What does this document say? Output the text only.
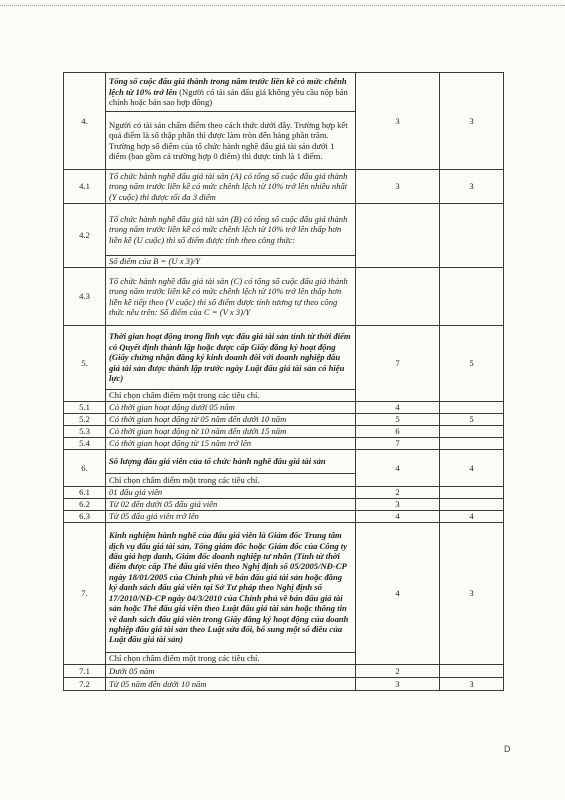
4.	Tổng số cuộc đấu giá thành trong năm trước liền kề có mức chênh lệch từ 10% trở lên (Người có tài sản đấu giá không yêu cầu nộp bản chính hoặc bản sao hợp đồng)	3	3
	Người có tài sản chấm điểm theo cách thức dưới đây. Trường hợp kết quả điểm là số thập phân thì được làm tròn đến hàng phần trăm. Trường hợp số điểm của tổ chức hành nghề đấu giá tài sản dưới 1 điểm (bao gồm cả trường hợp 0 điểm) thì được tính là 1 điểm.		
4.1	Tổ chức hành nghề đấu giá tài sản (A) có tổng số cuộc đấu giá thành trong năm trước liền kề có mức chênh lệch từ 10% trở lên nhiều nhất (Y cuộc) thì được tối đa 3 điểm	3	3
4.2	Tổ chức hành nghề đấu giá tài sản (B) có tổng số cuộc đấu giá thành trong năm trước liền kề có mức chênh lệch từ 10% trở lên thấp hơn liền kề (U cuộc) thì số điểm được tính theo công thức:		
	Số điểm của B = (U x 3)/Y		
4.3	Tổ chức hành nghề đấu giá tài sản (C) có tổng số cuộc đấu giá thành trong năm trước liền kề có mức chênh lệch từ 10% trở lên thấp hơn liền kề tiếp theo (V cuộc) thì số điểm được tính tương tự theo công thức nêu trên: Số điểm của C = (V x 3)/Y		
5.	Thời gian hoạt động trong lĩnh vực đấu giá tài sản tính từ thời điểm có Quyết định thành lập hoặc được cấp Giấy đăng ký hoạt động (Giấy chứng nhận đăng ký kinh doanh đối với doanh nghiệp đấu giá tài sản được thành lập trước ngày Luật đấu giá tài sản có hiệu lực)	7	5
	Chỉ chọn chấm điểm một trong các tiêu chí.		
5.1	Có thời gian hoạt động dưới 05 năm	4	
5.2	Có thời gian hoạt động từ 05 năm đến dưới 10 năm	5	5
5.3	Có thời gian hoạt động từ 10 năm đến dưới 15 năm	6	
5.4	Có thời gian hoạt động từ 15 năm trở lên	7	
6.	Số lượng đấu giá viên của tổ chức hành nghề đấu giá tài sản	4	4
	Chỉ chọn chấm điểm một trong các tiêu chí.		
6.1	01 đấu giá viên	2	
6.2	Từ 02 đến dưới 05 đấu giá viên	3	
6.3	Từ 05 đấu giá viên trở lên	4	4
7.	Kinh nghiệm hành nghề của đấu giá viên là Giám đốc Trung tâm dịch vụ đấu giá tài sản, Tổng giám đốc hoặc Giám đốc của Công ty đấu giá hợp danh, Giám đốc doanh nghiệp tư nhân (Tính từ thời điểm được cấp Thẻ đấu giá viên theo Nghị định số 05/2005/NĐ-CP ngày 18/01/2005 của Chính phủ về bán đấu giá tài sản hoặc đăng ký danh sách đấu giá viên tại Sở Tư pháp theo Nghị định số 17/2010/NĐ-CP ngày 04/3/2010 của Chính phủ về bán đấu giá tài sản hoặc Thẻ đấu giá viên theo Luật đấu giá tài sản hoặc thông tin về danh sách đấu giá viên trong Giấy đăng ký hoạt động của doanh nghiệp đấu giá tài sản theo Luật sửa đổi, bổ sung một số điều của Luật đấu giá tài sản)	4	3
	Chỉ chọn chấm điểm một trong các tiêu chí.		
7.1	Dưới 05 năm	2	
7.2	Từ 05 năm đến dưới 10 năm	3	3
D
